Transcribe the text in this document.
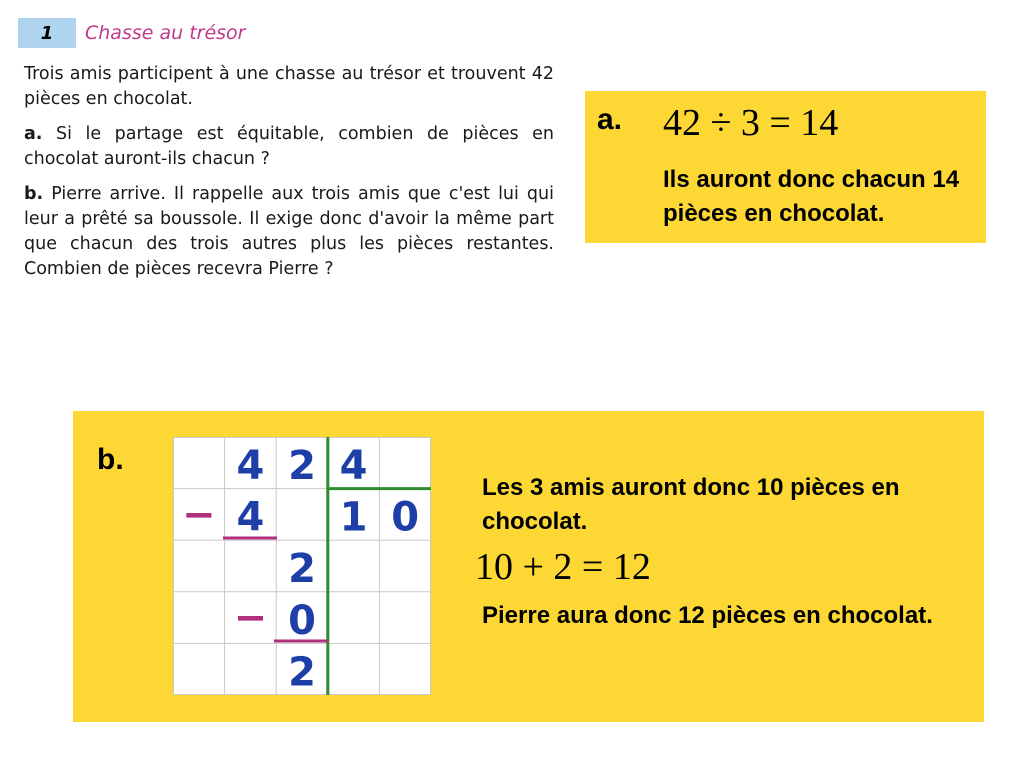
1 Chasse au trésor

Trois amis participent à une chasse au trésor et trouvent 42 pièces en chocolat.

a. Si le partage est équitable, combien de pièces en chocolat auront-ils chacun ?

b. Pierre arrive. Il rappelle aux trois amis que c'est lui qui leur a prêté sa boussole. Il exige donc d'avoir la même part que chacun des trois autres plus les pièces restantes. Combien de pièces recevra Pierre ?

a. 42 ÷ 3 = 14
Ils auront donc chacun 14 pièces en chocolat.
b.	4 2 4
4 1 0
2
0
2
−
−
Les 3 amis auront donc 10 pièces en chocolat.
10 + 2 = 12
Pierre aura donc 12 pièces en chocolat.
